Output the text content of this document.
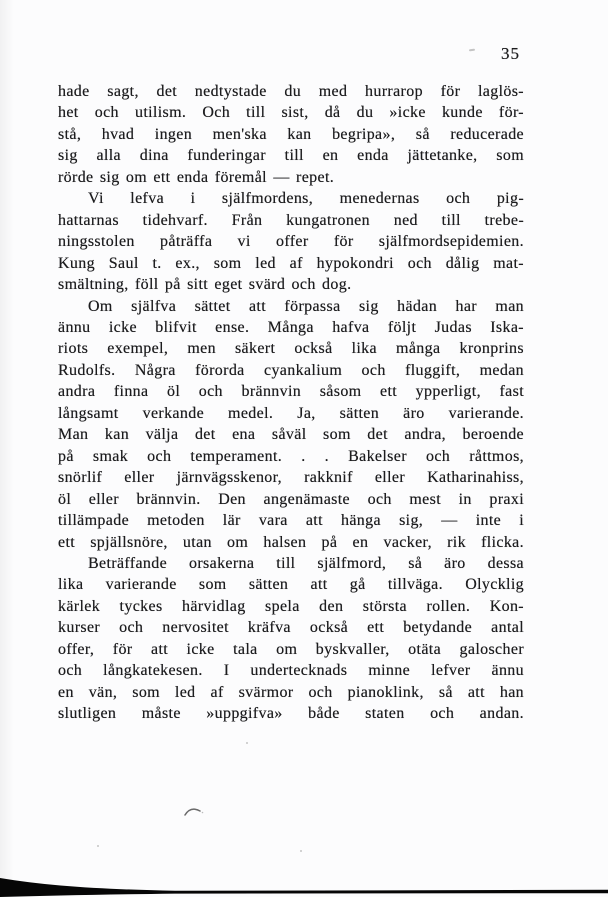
35
hade sagt, det nedtystade du med hurrarop för laglös-
het och utilism. Och till sist, då du »icke kunde för-
stå, hvad ingen men'ska kan begripa», så reducerade
sig alla dina funderingar till en enda jättetanke, som
rörde sig om ett enda föremål — repet.
Vi lefva i själfmordens, menedernas och pig-
hattarnas tidehvarf. Från kungatronen ned till trebe-
ningsstolen påträffa vi offer för själfmordsepidemien.
Kung Saul t. ex., som led af hypokondri och dålig mat-
smältning, föll på sitt eget svärd och dog.
Om själfva sättet att förpassa sig hädan har man
ännu icke blifvit ense. Många hafva följt Judas Iska-
riots exempel, men säkert också lika många kronprins
Rudolfs. Några förorda cyankalium och fluggift, medan
andra finna öl och brännvin såsom ett ypperligt, fast
långsamt verkande medel. Ja, sätten äro varierande.
Man kan välja det ena såväl som det andra, beroende
på smak och temperament. . . Bakelser och råttmos,
snörlif eller järnvägsskenor, rakknif eller Katharinahiss,
öl eller brännvin. Den angenämaste och mest in praxi
tillämpade metoden lär vara att hänga sig, — inte i
ett spjällsnöre, utan om halsen på en vacker, rik flicka.
Beträffande orsakerna till själfmord, så äro dessa
lika varierande som sätten att gå tillväga. Olycklig
kärlek tyckes härvidlag spela den största rollen. Kon-
kurser och nervositet kräfva också ett betydande antal
offer, för att icke tala om byskvaller, otäta galoscher
och långkatekesen. I undertecknads minne lefver ännu
en vän, som led af svärmor och pianoklink, så att han
slutligen måste »uppgifva» både staten och andan.
